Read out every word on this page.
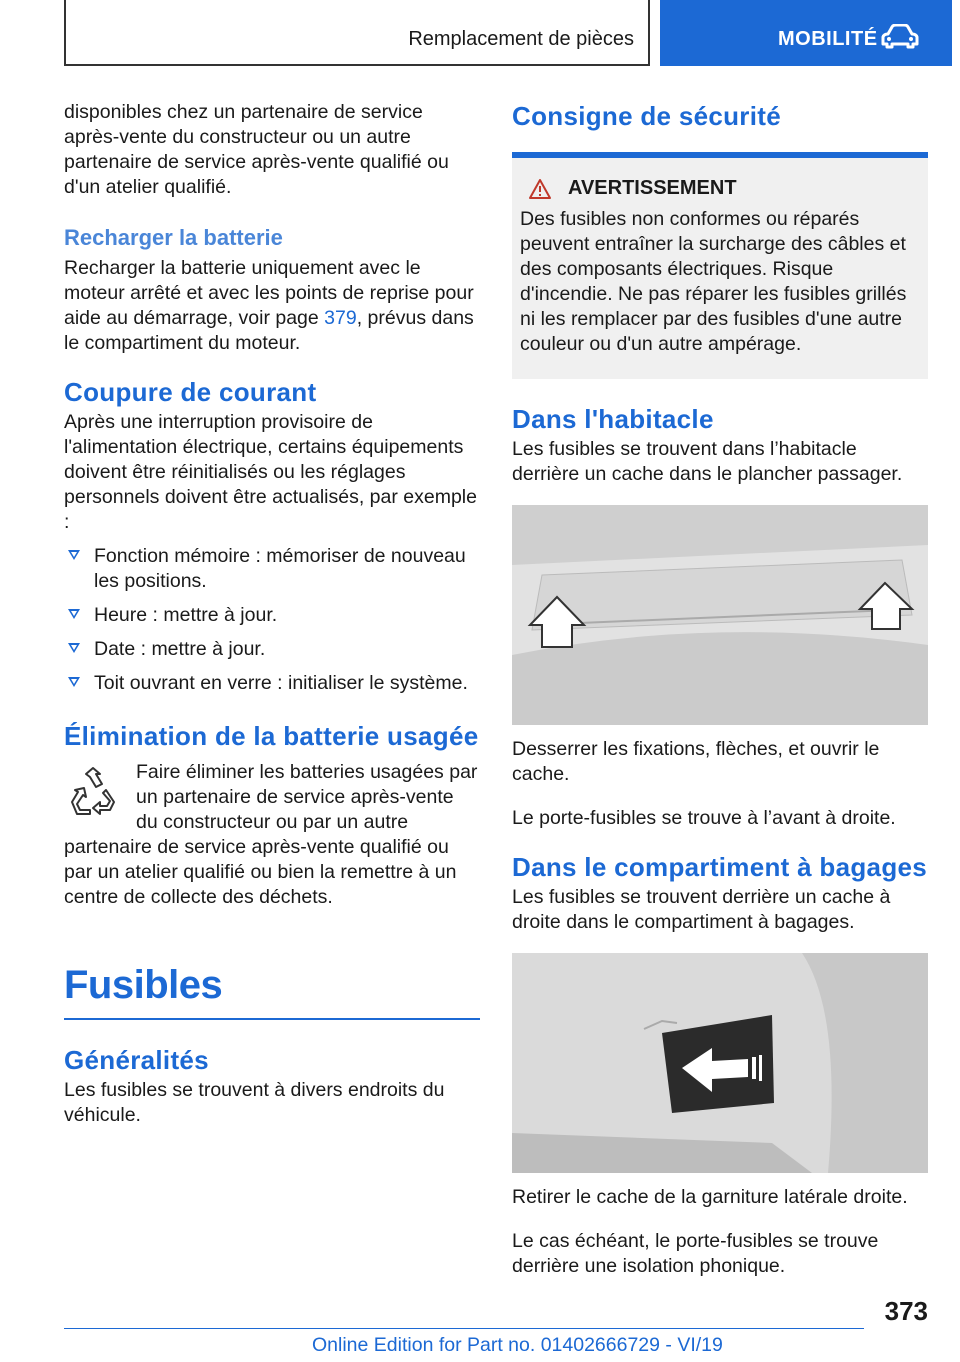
Remplacement de pièces	MOBILITÉ

disponibles chez un partenaire de service après-vente du constructeur ou un autre partenaire de service après-vente qualifié ou d'un atelier qualifié.

Recharger la batterie

Recharger la batterie uniquement avec le moteur arrêté et avec les points de reprise pour aide au démarrage, voir page 379, prévus dans le compartiment du moteur.

Coupure de courant

Après une interruption provisoire de l'alimentation électrique, certains équipements doivent être réinitialisés ou les réglages personnels doivent être actualisés, par exemple :

Fonction mémoire : mémoriser de nouveau les positions.
Heure : mettre à jour.
Date : mettre à jour.
Toit ouvrant en verre : initialiser le système.
Élimination de la batterie usagée

Faire éliminer les batteries usagées par un partenaire de service après-vente du constructeur ou par un autre partenaire de service après-vente qualifié ou par un atelier qualifié ou bien la remettre à un centre de collecte des déchets.

Fusibles
Généralités

Les fusibles se trouvent à divers endroits du véhicule.

Consigne de sécurité
AVERTISSEMENT

Des fusibles non conformes ou réparés peuvent entraîner la surcharge des câbles et des composants électriques. Risque d'incendie. Ne pas réparer les fusibles grillés ni les remplacer par des fusibles d'une autre couleur ou d'un autre ampérage.

Dans l'habitacle

Les fusibles se trouvent dans l’habitacle derrière un cache dans le plancher passager.

Desserrer les fixations, flèches, et ouvrir le cache.

Le porte-fusibles se trouve à l’avant à droite.

Dans le compartiment à bagages

Les fusibles se trouvent derrière un cache à droite dans le compartiment à bagages.

Retirer le cache de la garniture latérale droite.

Le cas échéant, le porte-fusibles se trouve derrière une isolation phonique.

373
Online Edition for Part no. 01402666729 - VI/19
